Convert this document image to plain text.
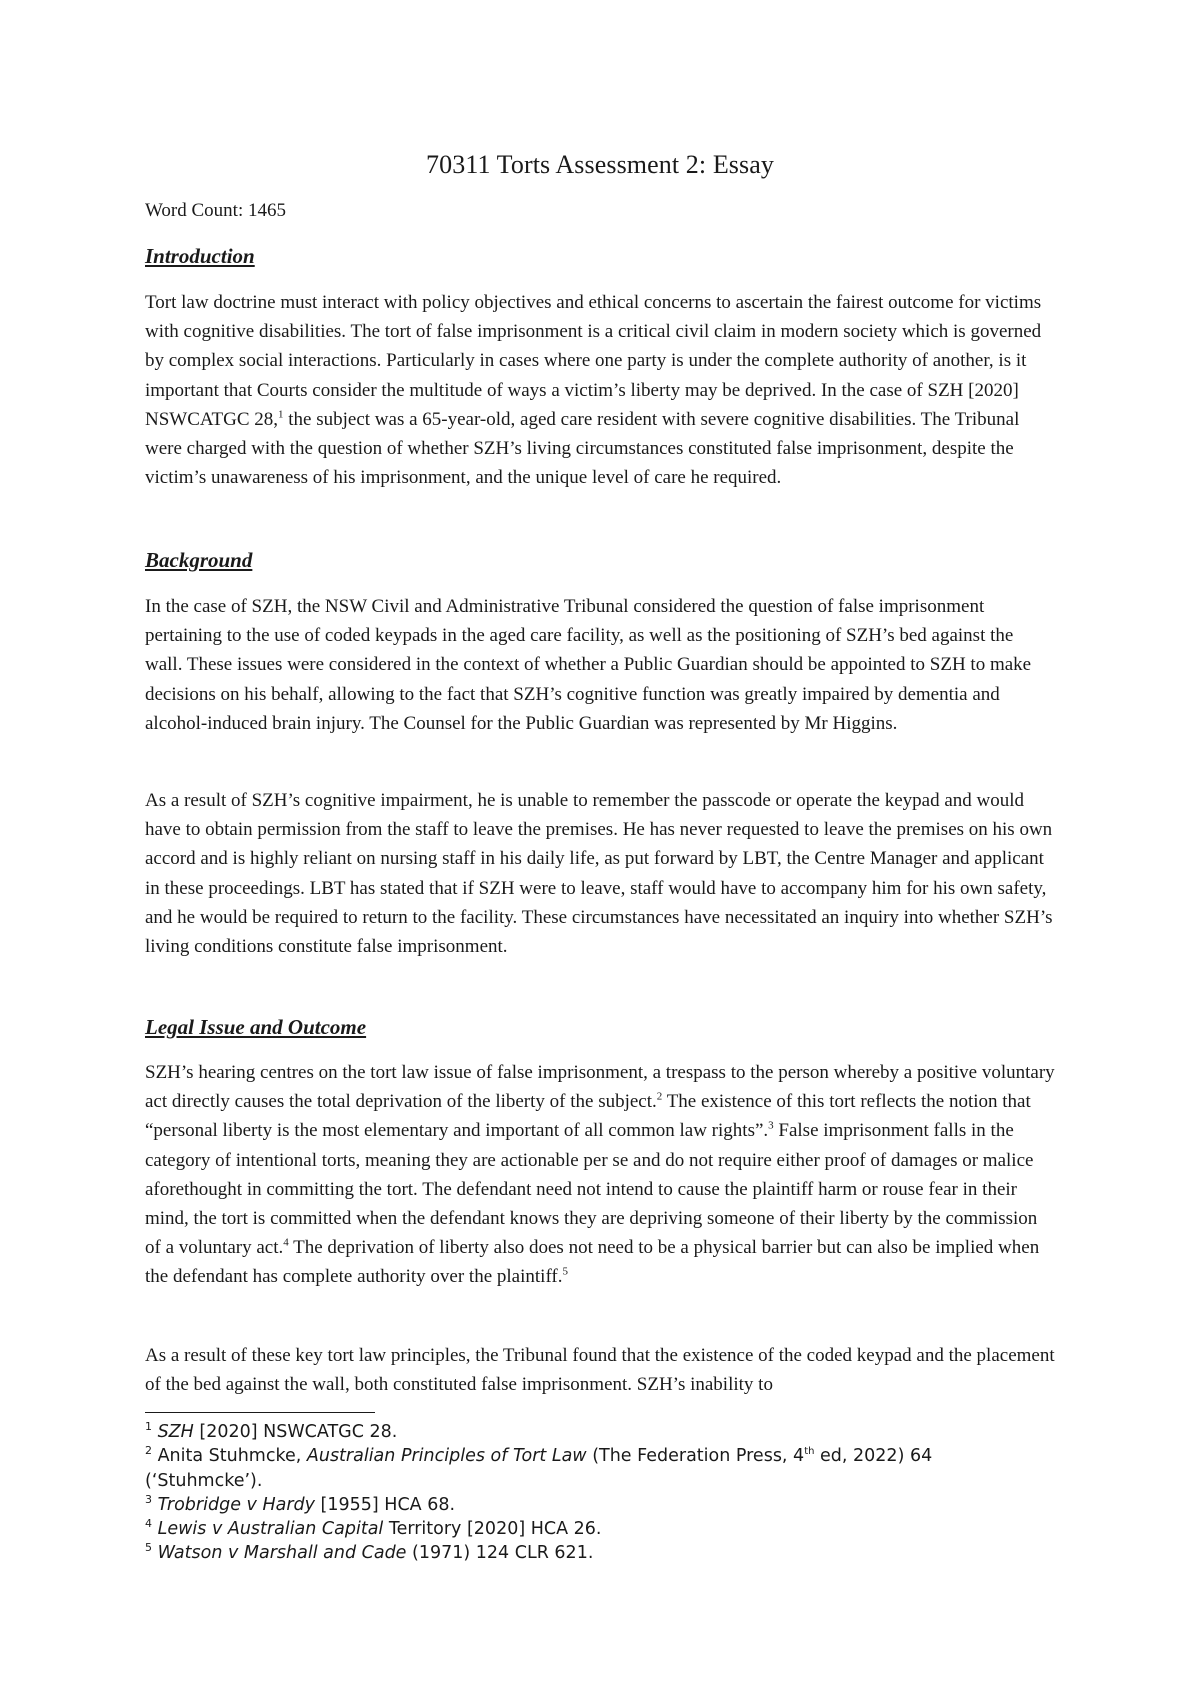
70311 Torts Assessment 2: Essay
Word Count: 1465
Introduction
Tort law doctrine must interact with policy objectives and ethical concerns to ascertain the fairest outcome for victims with cognitive disabilities. The tort of false imprisonment is a critical civil claim in modern society which is governed by complex social interactions. Particularly in cases where one party is under the complete authority of another, is it important that Courts consider the multitude of ways a victim’s liberty may be deprived. In the case of SZH [2020] NSWCATGC 28,$^1$ the subject was a 65-year-old, aged care resident with severe cognitive disabilities. The Tribunal were charged with the question of whether SZH’s living circumstances constituted false imprisonment, despite the victim’s unawareness of his imprisonment, and the unique level of care he required.
Background
In the case of SZH, the NSW Civil and Administrative Tribunal considered the question of false imprisonment pertaining to the use of coded keypads in the aged care facility, as well as the positioning of SZH’s bed against the wall. These issues were considered in the context of whether a Public Guardian should be appointed to SZH to make decisions on his behalf, allowing to the fact that SZH’s cognitive function was greatly impaired by dementia and alcohol-induced brain injury. The Counsel for the Public Guardian was represented by Mr Higgins.
As a result of SZH’s cognitive impairment, he is unable to remember the passcode or operate the keypad and would have to obtain permission from the staff to leave the premises. He has never requested to leave the premises on his own accord and is highly reliant on nursing staff in his daily life, as put forward by LBT, the Centre Manager and applicant in these proceedings. LBT has stated that if SZH were to leave, staff would have to accompany him for his own safety, and he would be required to return to the facility. These circumstances have necessitated an inquiry into whether SZH’s living conditions constitute false imprisonment.
Legal Issue and Outcome
SZH’s hearing centres on the tort law issue of false imprisonment, a trespass to the person whereby a positive voluntary act directly causes the total deprivation of the liberty of the subject.$^2$ The existence of this tort reflects the notion that “personal liberty is the most elementary and important of all common law rights”.$^3$ False imprisonment falls in the category of intentional torts, meaning they are actionable per se and do not require either proof of damages or malice aforethought in committing the tort. The defendant need not intend to cause the plaintiff harm or rouse fear in their mind, the tort is committed when the defendant knows they are depriving someone of their liberty by the commission of a voluntary act.$^4$ The deprivation of liberty also does not need to be a physical barrier but can also be implied when the defendant has complete authority over the plaintiff.$^5$
As a result of these key tort law principles, the Tribunal found that the existence of the coded keypad and the placement of the bed against the wall, both constituted false imprisonment. SZH’s inability to
$^1$ SZH [2020] NSWCATGC 28.
$^2$ Anita Stuhmcke, Australian Principles of Tort Law (The Federation Press, 4th ed, 2022) 64 (‘Stuhmcke’).
$^3$ Trobridge v Hardy [1955] HCA 68.
$^4$ Lewis v Australian Capital Territory [2020] HCA 26.
$^5$ Watson v Marshall and Cade (1971) 124 CLR 621.
